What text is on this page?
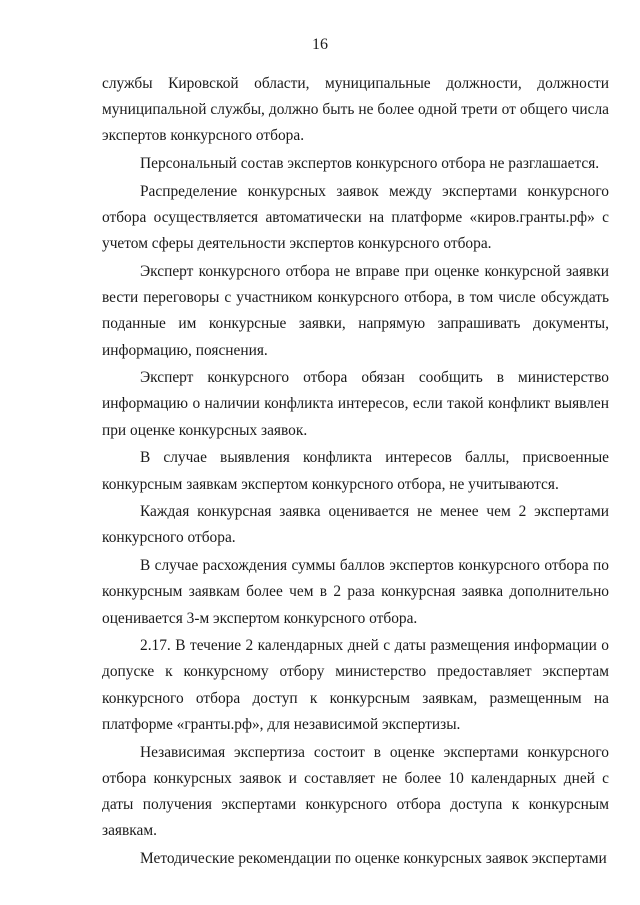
16

службы Кировской области, муниципальные должности, должности муниципальной службы, должно быть не более одной трети от общего числа экспертов конкурсного отбора.

Персональный состав экспертов конкурсного отбора не разглашается.

Распределение конкурсных заявок между экспертами конкурсного отбора осуществляется автоматически на платформе «киров.гранты.рф» с учетом сферы деятельности экспертов конкурсного отбора.

Эксперт конкурсного отбора не вправе при оценке конкурсной заявки вести переговоры с участником конкурсного отбора, в том числе обсуждать поданные им конкурсные заявки, напрямую запрашивать документы, информацию, пояснения.

Эксперт конкурсного отбора обязан сообщить в министерство информацию о наличии конфликта интересов, если такой конфликт выявлен при оценке конкурсных заявок.

В случае выявления конфликта интересов баллы, присвоенные конкурсным заявкам экспертом конкурсного отбора, не учитываются.

Каждая конкурсная заявка оценивается не менее чем 2 экспертами конкурсного отбора.

В случае расхождения суммы баллов экспертов конкурсного отбора по конкурсным заявкам более чем в 2 раза конкурсная заявка дополнительно оценивается 3-м экспертом конкурсного отбора.

2.17. В течение 2 календарных дней с даты размещения информации о допуске к конкурсному отбору министерство предоставляет экспертам конкурсного отбора доступ к конкурсным заявкам, размещенным на платформе «гранты.рф», для независимой экспертизы.

Независимая экспертиза состоит в оценке экспертами конкурсного отбора конкурсных заявок и составляет не более 10 календарных дней с даты получения экспертами конкурсного отбора доступа к конкурсным заявкам.

Методические рекомендации по оценке конкурсных заявок экспертами
